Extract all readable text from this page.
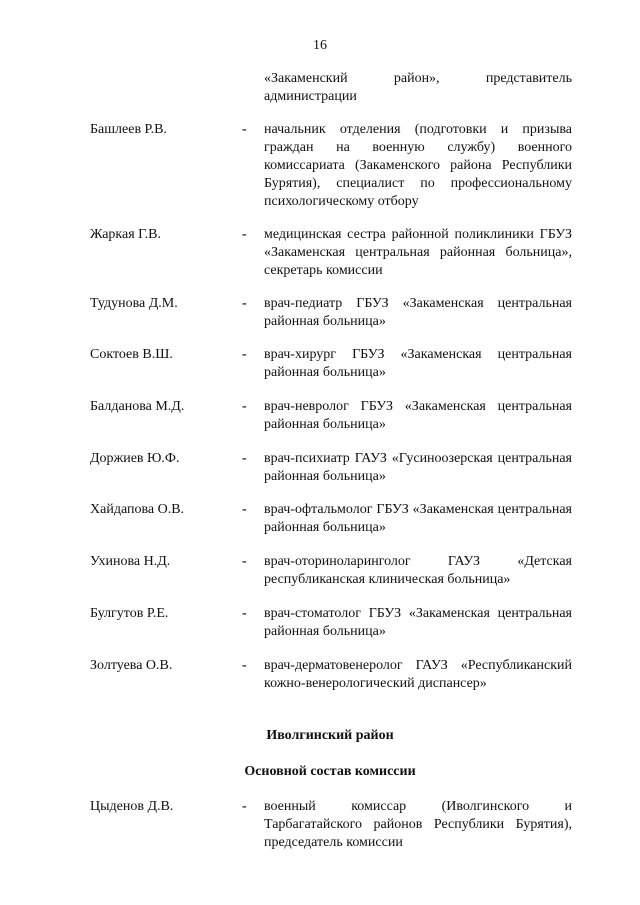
16
«Закаменский район», представитель администрации
Башлеев Р.В.	- начальник отделения (подготовки и призыва граждан на военную службу) военного комиссариата (Закаменского района Республики Бурятия), специалист по профессиональному психологическому отбору
Жаркая Г.В.	- медицинская сестра районной поликлиники ГБУЗ «Закаменская центральная районная больница», секретарь комиссии
Тудунова Д.М.	- врач-педиатр ГБУЗ «Закаменская центральная районная больница»
Соктоев В.Ш.	- врач-хирург ГБУЗ «Закаменская центральная районная больница»
Балданова М.Д.	- врач-невролог ГБУЗ «Закаменская центральная районная больница»
Доржиев Ю.Ф.	- врач-психиатр ГАУЗ «Гусиноозерская центральная районная больница»
Хайдапова О.В.	- врач-офтальмолог ГБУЗ «Закаменская центральная районная больница»
Ухинова Н.Д.	- врач-оториноларинголог ГАУЗ «Детская республиканская клиническая больница»
Булгутов Р.Е.	- врач-стоматолог ГБУЗ «Закаменская центральная районная больница»
Золтуева О.В.	- врач-дерматовенеролог ГАУЗ «Республиканский кожно-венерологический диспансер»
Иволгинский район
Основной состав комиссии
Цыденов Д.В.	- военный комиссар (Иволгинского и Тарбагатайского районов Республики Бурятия), председатель комиссии
